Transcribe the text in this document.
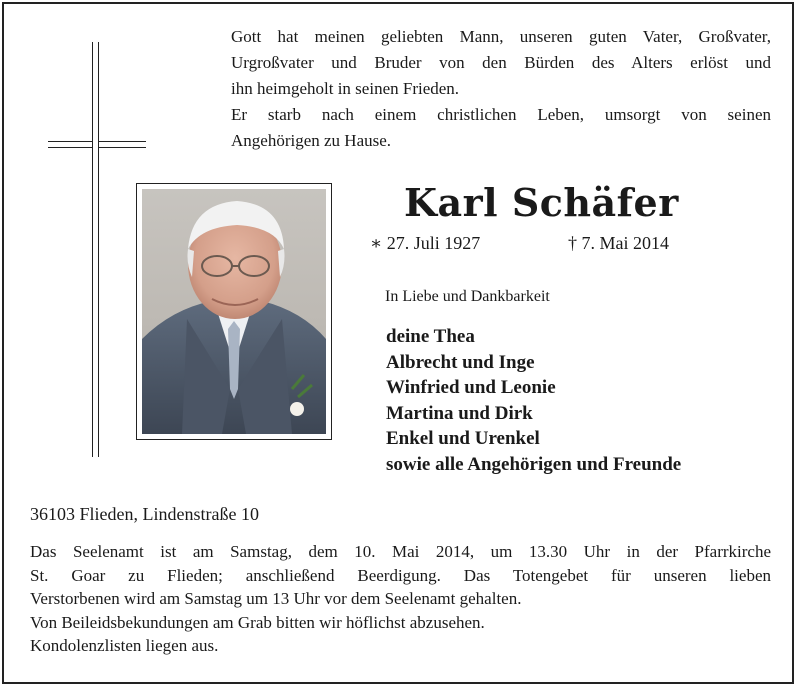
Gott hat meinen geliebten Mann, unseren guten Vater, Großvater,

Urgroßvater und Bruder von den Bürden des Alters erlöst und

ihn heimgeholt in seinen Frieden.

Er starb nach einem christlichen Leben, umsorgt von seinen

Angehörigen zu Hause.

Karl Schäfer
∗ 27. Juli 1927	† 7. Mai 2014
In Liebe und Dankbarkeit
deine Thea
Albrecht und Inge
Winfried und Leonie
Martina und Dirk
Enkel und Urenkel
sowie alle Angehörigen und Freunde
36103 Flieden, Lindenstraße 10

Das Seelenamt ist am Samstag, dem 10. Mai 2014, um 13.30 Uhr in der Pfarrkirche

St. Goar zu Flieden; anschließend Beerdigung. Das Totengebet für unseren lieben

Verstorbenen wird am Samstag um 13 Uhr vor dem Seelenamt gehalten.

Von Beileidsbekundungen am Grab bitten wir höflichst abzusehen.

Kondolenzlisten liegen aus.
